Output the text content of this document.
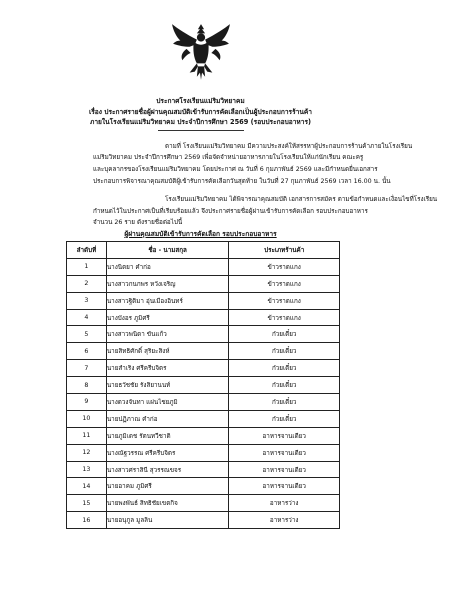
ประกาศโรงเรียนแม่ริมวิทยาคม
เรื่อง ประกาศรายชื่อผู้ผ่านคุณสมบัติเข้ารับการคัดเลือกเป็นผู้ประกอบการร้านค้า
ภายในโรงเรียนแม่ริมวิทยาคม ประจำปีการศึกษา 2569 (รอบประกอบอาหาร)
ตามที่ โรงเรียนแม่ริมวิทยาคม มีความประสงค์ให้สรรหาผู้ประกอบการร้านค้าภายในโรงเรียน
แม่ริมวิทยาคม ประจำปีการศึกษา 2569 เพื่อจัดจำหน่ายอาหารภายในโรงเรียนให้แก่นักเรียน คณะครู
และบุคลากรของโรงเรียนแม่ริมวิทยาคม โดยประกาศ ณ วันที่ 6 กุมภาพันธ์ 2569 และมีกำหนดยื่นเอกสาร
ประกอบการพิจารณาคุณสมบัติผู้เข้ารับการคัดเลือกวันสุดท้าย ในวันที่ 27 กุมภาพันธ์ 2569 เวลา 16.00 น. นั้น
โรงเรียนแม่ริมวิทยาคม ได้พิจารณาคุณสมบัติ เอกสารการสมัคร ตามข้อกำหนดและเงื่อนไขที่โรงเรียน
กำหนดไว้ในประกาศเป็นที่เรียบร้อยแล้ว จึงประกาศรายชื่อผู้ผ่านเข้ารับการคัดเลือก รอบประกอบอาหาร
จำนวน 26 ราย ดังรายชื่อต่อไปนี้
ผู้ผ่านคุณสมบัติเข้ารับการคัดเลือก รอบประกอบอาหาร
ลำดับที่	ชื่อ - นามสกุล	ประเภทร้านค้า
1	นางนิตยา คำก่อ	ข้าวราดแกง
2	นางสาวกนกพร หวังเจริญ	ข้าวราดแกง
3	นางสาวฐิติมา อุ่นเมืองอินทร์	ข้าวราดแกง
4	นางบังอร ภูมิศรี	ข้าวราดแกง
5	นางสาวพนิดา ขันแก้ว	ก๋วยเตี๋ยว
6	นายสิทธิศักดิ์ สุริยะสิงห์	ก๋วยเตี๋ยว
7	นายสำเริง ศรีครีบจิตร	ก๋วยเตี๋ยว
8	นายธวัชชัย รังสิยานนท์	ก๋วยเตี๋ยว
9	นางดวงจันทา แผ่นไชยภูมิ	ก๋วยเตี๋ยว
10	นายปฏิภาณ คำก่อ	ก๋วยเตี๋ยว
11	นายภูมิเดช รัตนทวีชาติ	อาหารจานเดียว
12	นางณัฐวรรณ ศรีครีบจิตร	อาหารจานเดียว
13	นางสาวศราสินี สุวรรณขจร	อาหารจานเดียว
14	นายอาคม ภูมิศรี	อาหารจานเดียว
15	นายพงพันธ์ สิทธิชัยเขตกิจ	อาหารว่าง
16	นายอนุกูล มูลลิน	อาหารว่าง
